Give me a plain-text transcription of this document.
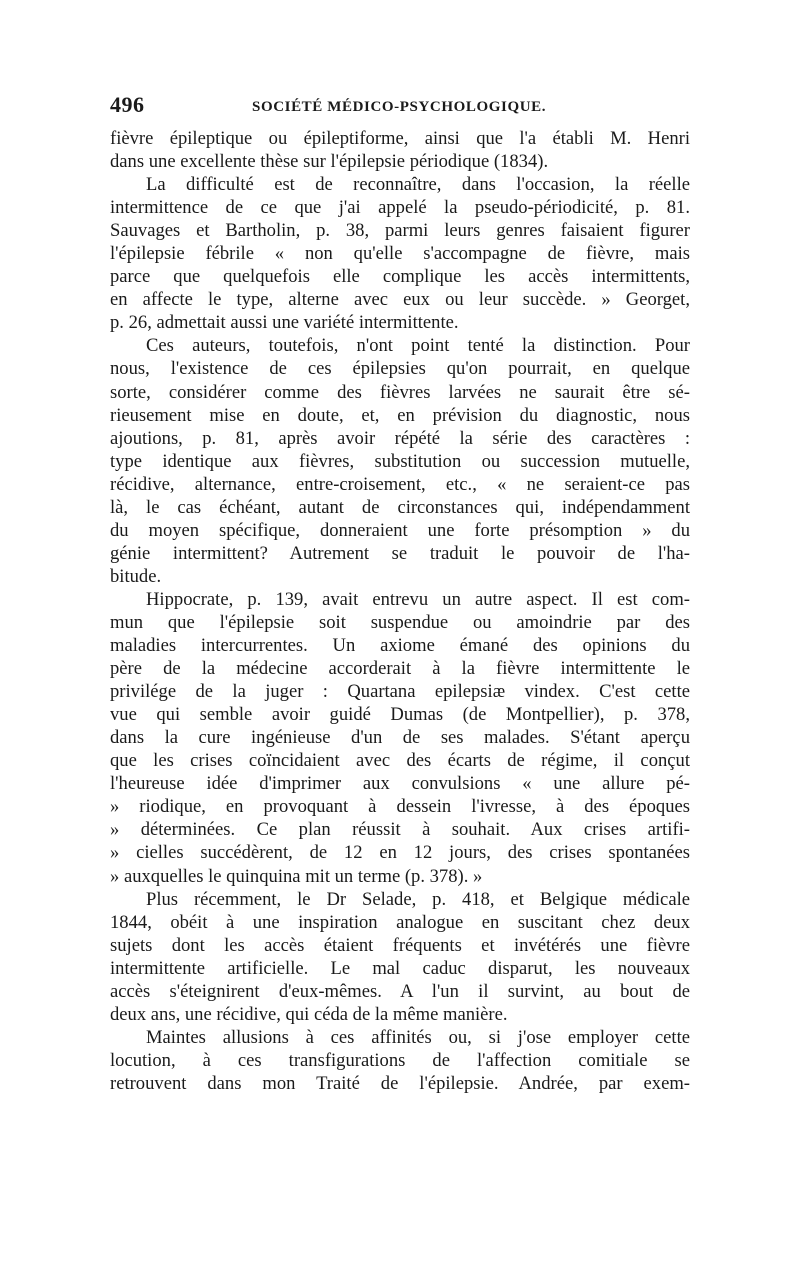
496	SOCIÉTÉ MÉDICO-PSYCHOLOGIQUE.
fièvre épileptique ou épileptiforme, ainsi que l'a établi M. Henri
dans une excellente thèse sur l'épilepsie périodique (1834).
La difficulté est de reconnaître, dans l'occasion, la réelle
intermittence de ce que j'ai appelé la pseudo-périodicité, p. 81.
Sauvages et Bartholin, p. 38, parmi leurs genres faisaient figurer
l'épilepsie fébrile « non qu'elle s'accompagne de fièvre, mais
parce que quelquefois elle complique les accès intermittents,
en affecte le type, alterne avec eux ou leur succède. » Georget,
p. 26, admettait aussi une variété intermittente.
Ces auteurs, toutefois, n'ont point tenté la distinction. Pour
nous, l'existence de ces épilepsies qu'on pourrait, en quelque
sorte, considérer comme des fièvres larvées ne saurait être sé-
rieusement mise en doute, et, en prévision du diagnostic, nous
ajoutions, p. 81, après avoir répété la série des caractères :
type identique aux fièvres, substitution ou succession mutuelle,
récidive, alternance, entre-croisement, etc., « ne seraient-ce pas
là, le cas échéant, autant de circonstances qui, indépendamment
du moyen spécifique, donneraient une forte présomption » du
génie intermittent? Autrement se traduit le pouvoir de l'ha-
bitude.
Hippocrate, p. 139, avait entrevu un autre aspect. Il est com-
mun que l'épilepsie soit suspendue ou amoindrie par des
maladies intercurrentes. Un axiome émané des opinions du
père de la médecine accorderait à la fièvre intermittente le
privilége de la juger : Quartana epilepsiæ vindex. C'est cette
vue qui semble avoir guidé Dumas (de Montpellier), p. 378,
dans la cure ingénieuse d'un de ses malades. S'étant aperçu
que les crises coïncidaient avec des écarts de régime, il conçut
l'heureuse idée d'imprimer aux convulsions « une allure pé-
» riodique, en provoquant à dessein l'ivresse, à des époques
» déterminées. Ce plan réussit à souhait. Aux crises artifi-
» cielles succédèrent, de 12 en 12 jours, des crises spontanées
» auxquelles le quinquina mit un terme (p. 378). »
Plus récemment, le Dr Selade, p. 418, et Belgique médicale
1844, obéit à une inspiration analogue en suscitant chez deux
sujets dont les accès étaient fréquents et invétérés une fièvre
intermittente artificielle. Le mal caduc disparut, les nouveaux
accès s'éteignirent d'eux-mêmes. A l'un il survint, au bout de
deux ans, une récidive, qui céda de la même manière.
Maintes allusions à ces affinités ou, si j'ose employer cette
locution, à ces transfigurations de l'affection comitiale se
retrouvent dans mon Traité de l'épilepsie. Andrée, par exem-
